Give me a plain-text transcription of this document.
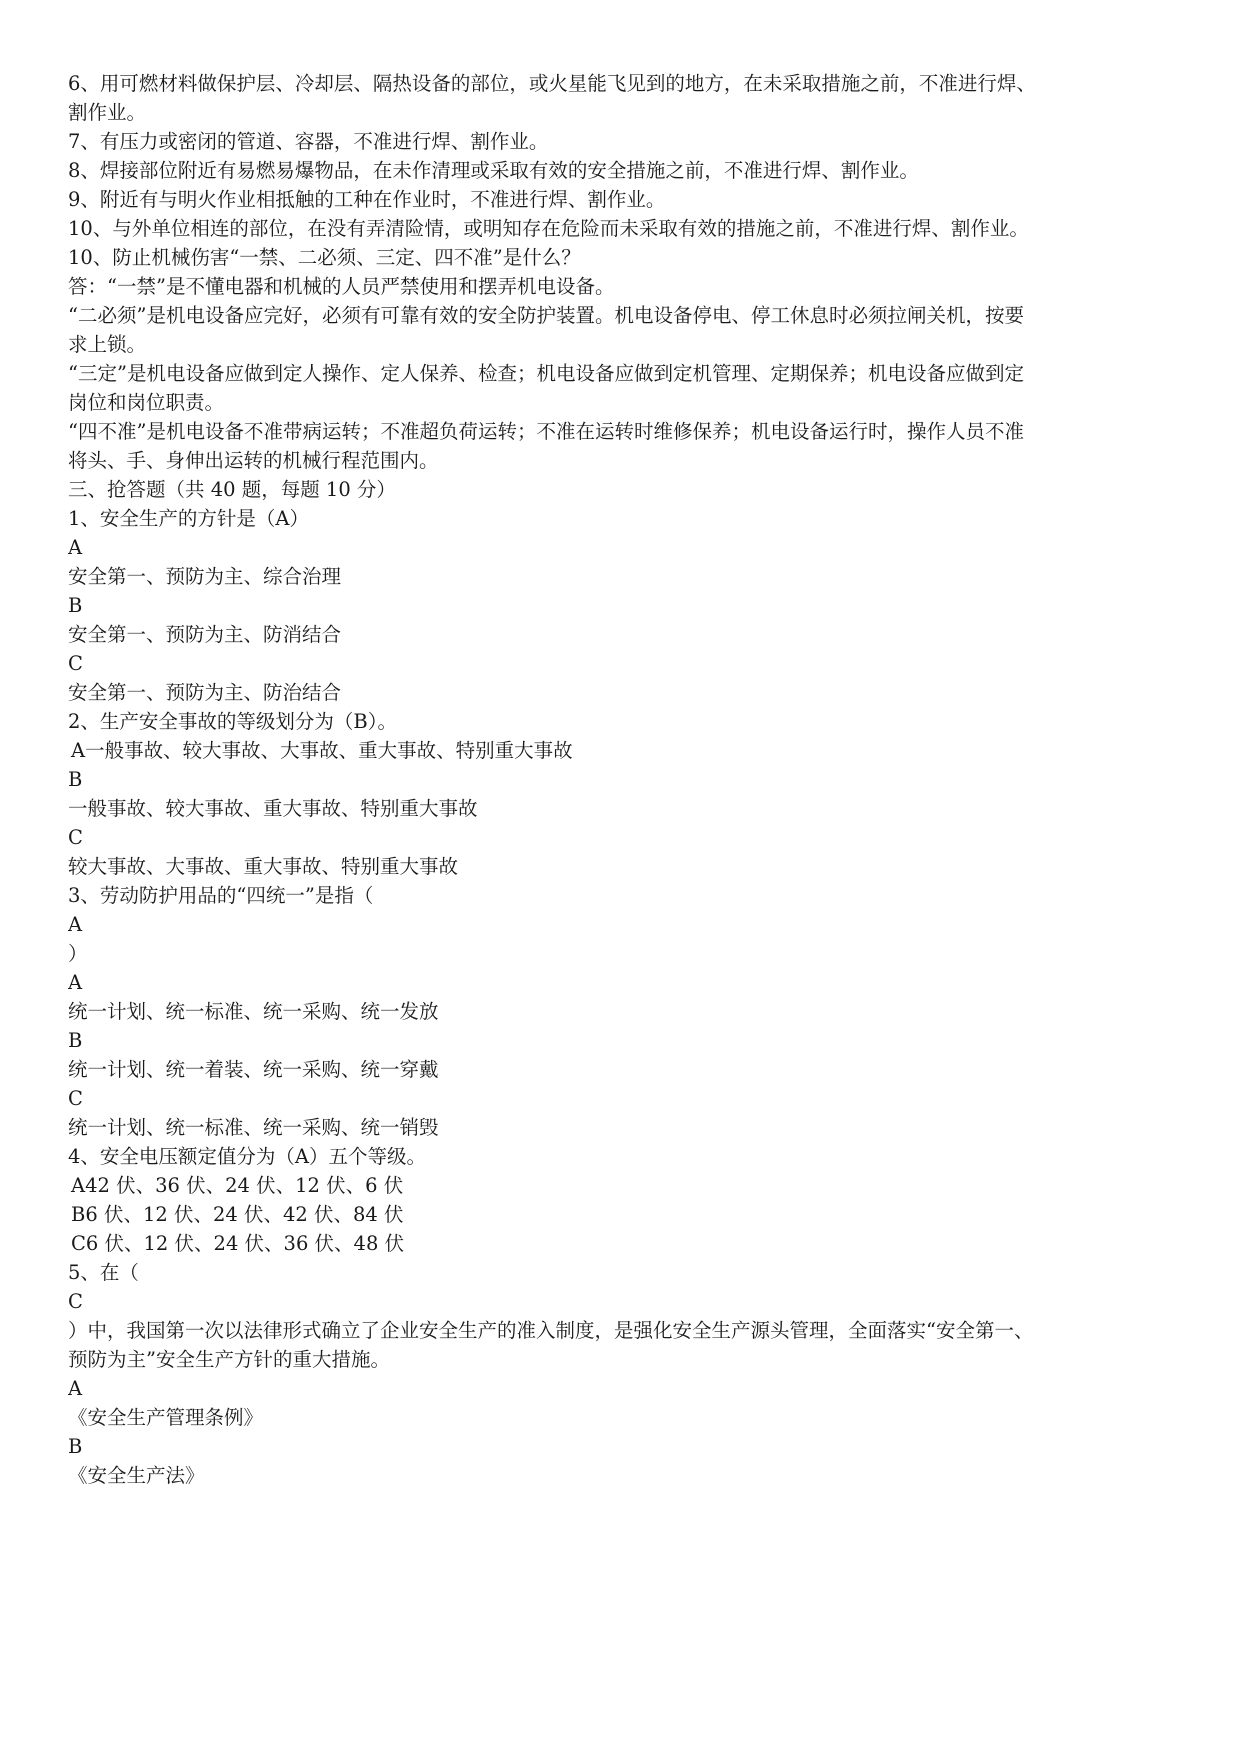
6、用可燃材料做保护层、冷却层、隔热设备的部位，或火星能飞见到的地方，在未采取措施之前，不准进行焊、
割作业。
7、有压力或密闭的管道、容器，不准进行焊、割作业。
8、焊接部位附近有易燃易爆物品，在未作清理或采取有效的安全措施之前，不准进行焊、割作业。
9、附近有与明火作业相抵触的工种在作业时，不准进行焊、割作业。
10、与外单位相连的部位，在没有弄清险情，或明知存在危险而未采取有效的措施之前，不准进行焊、割作业。
10、防止机械伤害“一禁、二必须、三定、四不准”是什么？
答：“一禁”是不懂电器和机械的人员严禁使用和摆弄机电设备。
“二必须”是机电设备应完好，必须有可靠有效的安全防护装置。机电设备停电、停工休息时必须拉闸关机，按要
求上锁。
“三定”是机电设备应做到定人操作、定人保养、检查；机电设备应做到定机管理、定期保养；机电设备应做到定
岗位和岗位职责。
“四不准”是机电设备不准带病运转；不准超负荷运转；不准在运转时维修保养；机电设备运行时，操作人员不准
将头、手、身伸出运转的机械行程范围内。
三、抢答题（共 40 题，每题 10 分）
1、安全生产的方针是（A）
A
安全第一、预防为主、综合治理
B
安全第一、预防为主、防消结合
C
安全第一、预防为主、防治结合
2、生产安全事故的等级划分为（B）。
A一般事故、较大事故、大事故、重大事故、特别重大事故
B
一般事故、较大事故、重大事故、特别重大事故
C
较大事故、大事故、重大事故、特别重大事故
3、劳动防护用品的“四统一”是指（
A
）
A
统一计划、统一标准、统一采购、统一发放
B
统一计划、统一着装、统一采购、统一穿戴
C
统一计划、统一标准、统一采购、统一销毁
4、安全电压额定值分为（A）五个等级。
A42 伏、36 伏、24 伏、12 伏、6 伏
B6 伏、12 伏、24 伏、42 伏、84 伏
C6 伏、12 伏、24 伏、36 伏、48 伏
5、在（
C
）中，我国第一次以法律形式确立了企业安全生产的准入制度，是强化安全生产源头管理，全面落实“安全第一、
预防为主”安全生产方针的重大措施。
A
《安全生产管理条例》
B
《安全生产法》
